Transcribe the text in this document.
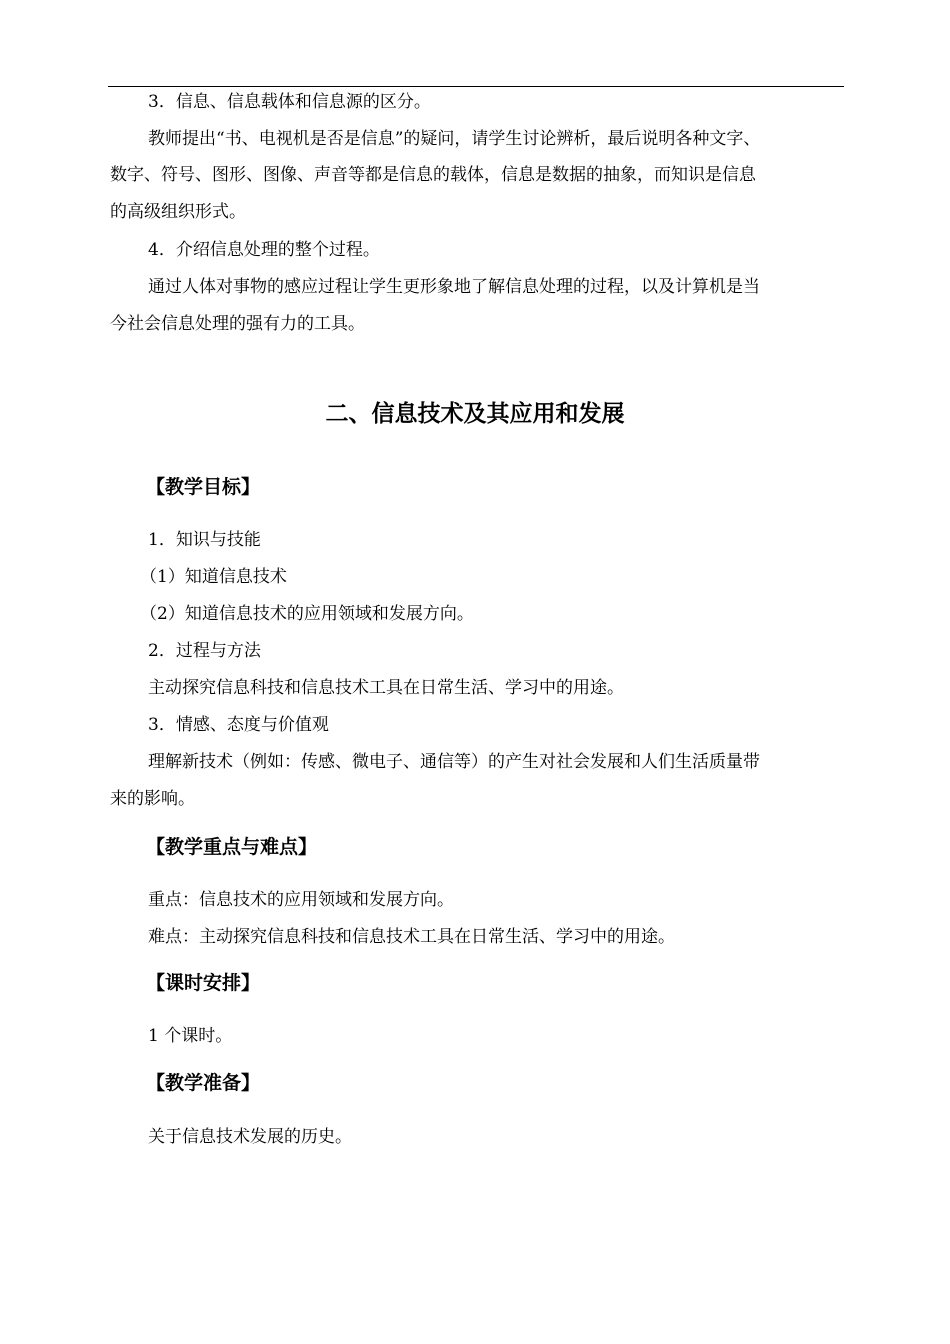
3．信息、信息载体和信息源的区分。

教师提出“书、电视机是否是信息”的疑问，请学生讨论辨析，最后说明各种文字、

数字、符号、图形、图像、声音等都是信息的载体，信息是数据的抽象，而知识是信息

的高级组织形式。

4．介绍信息处理的整个过程。

通过人体对事物的感应过程让学生更形象地了解信息处理的过程，以及计算机是当

今社会信息处理的强有力的工具。

二、信息技术及其应用和发展
【教学目标】

1．知识与技能

（1）知道信息技术

（2）知道信息技术的应用领域和发展方向。

2．过程与方法

主动探究信息科技和信息技术工具在日常生活、学习中的用途。

3．情感、态度与价值观

理解新技术（例如：传感、微电子、通信等）的产生对社会发展和人们生活质量带

来的影响。

【教学重点与难点】

重点：信息技术的应用领域和发展方向。

难点：主动探究信息科技和信息技术工具在日常生活、学习中的用途。

【课时安排】

1 个课时。

【教学准备】

关于信息技术发展的历史。
